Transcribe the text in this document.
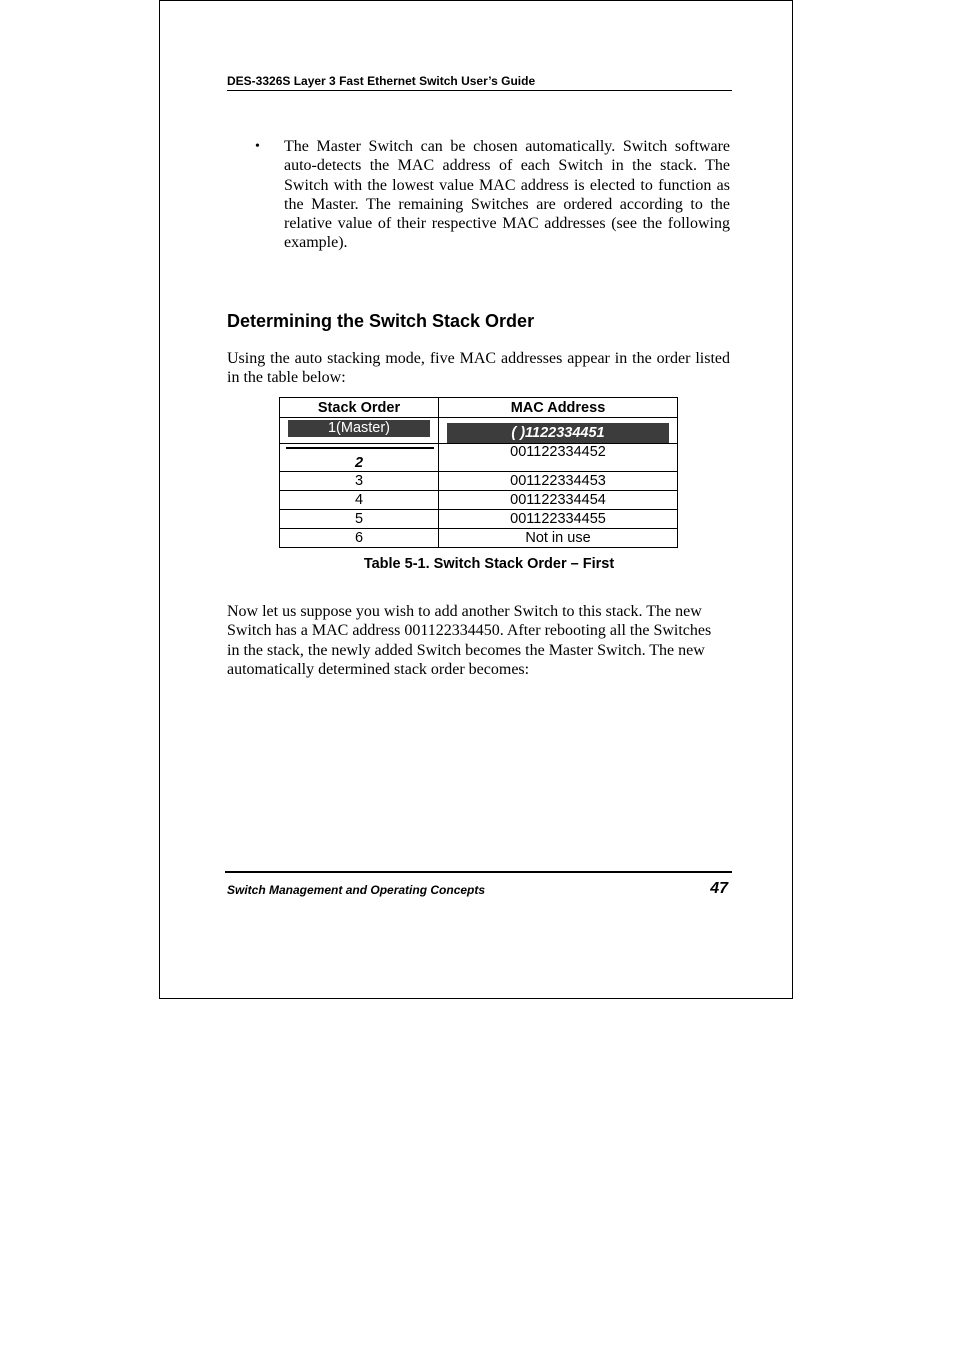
DES-3326S Layer 3 Fast Ethernet Switch User’s Guide
• The Master Switch can be chosen automatically. Switch software auto-detects the MAC address of each Switch in the stack. The Switch with the lowest value MAC address is elected to function as the Master. The remaining Switches are ordered according to the relative value of their respective MAC addresses (see the following example).
Determining the Switch Stack Order
Using the auto stacking mode, five MAC addresses appear in the order listed in the table below:
Stack Order	MAC Address

1(Master)	( )1122334451

2	001122334452
3	001122334453
4	001122334454
5	001122334455
6	Not in use
Table 5-1. Switch Stack Order – First
Now let us suppose you wish to add another Switch to this stack. The new Switch has a MAC address 001122334450. After rebooting all the Switches in the stack, the newly added Switch becomes the Master Switch. The new automatically determined stack order becomes:
Switch Management and Operating Concepts	47
